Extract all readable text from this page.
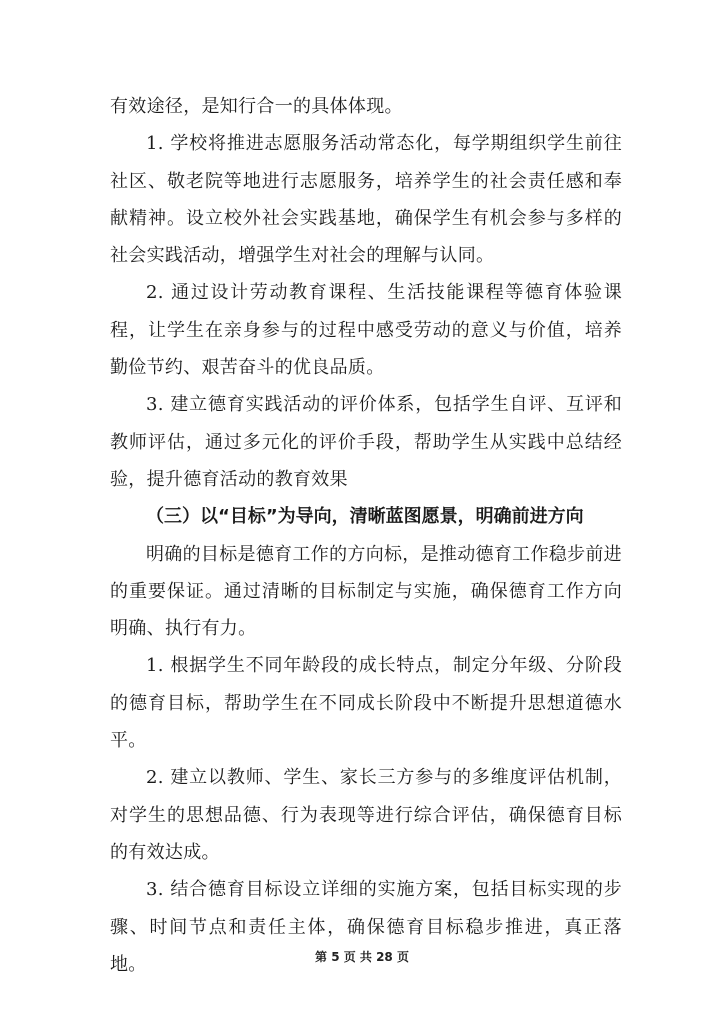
有效途径，是知行合一的具体体现。

1. 学校将推进志愿服务活动常态化，每学期组织学生前往社区、敬老院等地进行志愿服务，培养学生的社会责任感和奉献精神。设立校外社会实践基地，确保学生有机会参与多样的社会实践活动，增强学生对社会的理解与认同。

2. 通过设计劳动教育课程、生活技能课程等德育体验课程，让学生在亲身参与的过程中感受劳动的意义与价值，培养勤俭节约、艰苦奋斗的优良品质。

3. 建立德育实践活动的评价体系，包括学生自评、互评和教师评估，通过多元化的评价手段，帮助学生从实践中总结经验，提升德育活动的教育效果

（三）以“目标”为导向，清晰蓝图愿景，明确前进方向

明确的目标是德育工作的方向标，是推动德育工作稳步前进的重要保证。通过清晰的目标制定与实施，确保德育工作方向明确、执行有力。

1. 根据学生不同年龄段的成长特点，制定分年级、分阶段的德育目标，帮助学生在不同成长阶段中不断提升思想道德水平。

2. 建立以教师、学生、家长三方参与的多维度评估机制，对学生的思想品德、行为表现等进行综合评估，确保德育目标的有效达成。

3. 结合德育目标设立详细的实施方案，包括目标实现的步骤、时间节点和责任主体，确保德育目标稳步推进，真正落地。	第 5 页 共 28 页
